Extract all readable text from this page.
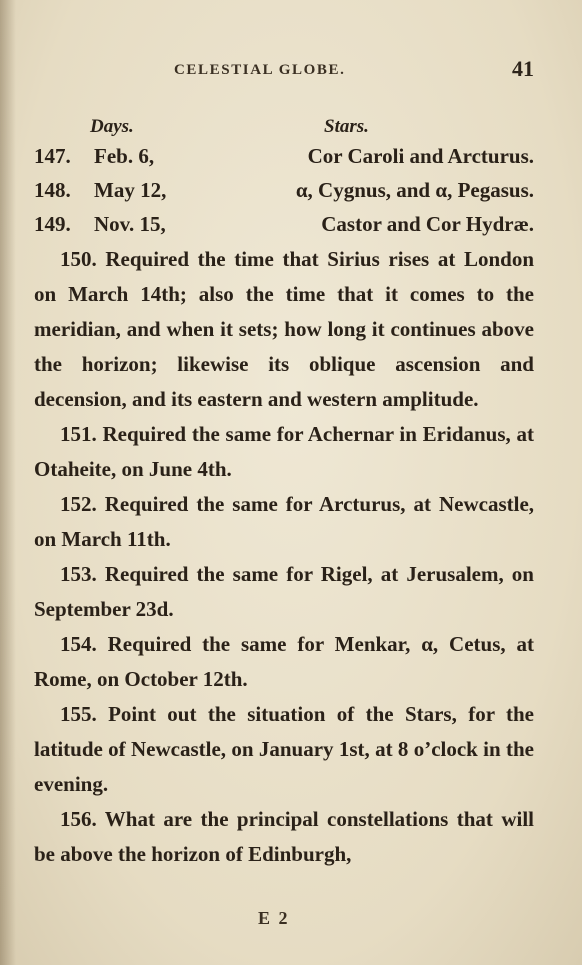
CELESTIAL GLOBE.	41
Days.	Stars.
147. Feb. 6,	Cor Caroli and Arcturus.
148. May 12,	α, Cygnus, and α, Pegasus.
149. Nov. 15,	Castor and Cor Hydræ.

150. Required the time that Sirius rises at London on March 14th; also the time that it comes to the meridian, and when it sets; how long it continues above the horizon; likewise its oblique ascension and decension, and its eastern and western amplitude.

151. Required the same for Achernar in Eridanus, at Otaheite, on June 4th.

152. Required the same for Arcturus, at Newcastle, on March 11th.

153. Required the same for Rigel, at Jerusalem, on September 23d.

154. Required the same for Menkar, α, Cetus, at Rome, on October 12th.

155. Point out the situation of the Stars, for the latitude of Newcastle, on January 1st, at 8 o’clock in the evening.

156. What are the principal constellations that will be above the horizon of Edinburgh,

E 2
